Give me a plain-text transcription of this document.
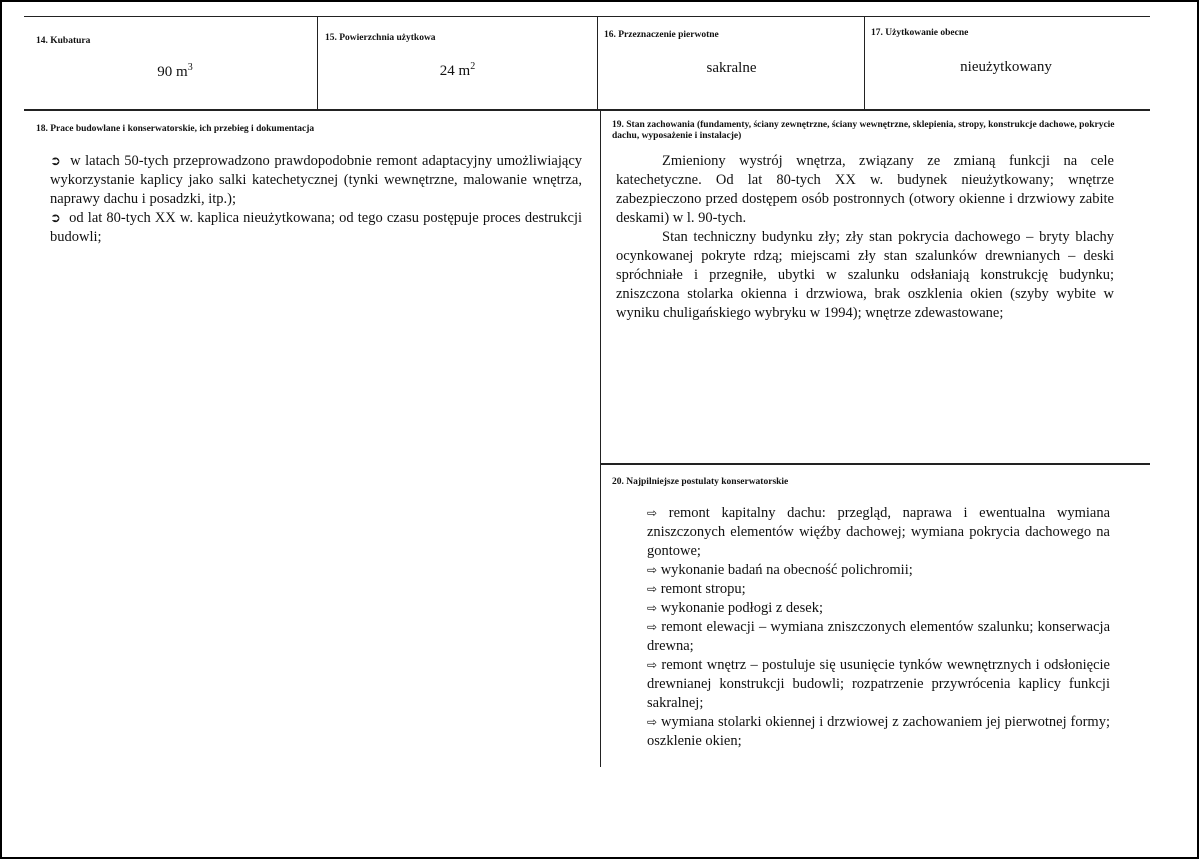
14. Kubatura
90 $m^3$
15. Powierzchnia użytkowa
24 $m^2$
16. Przeznaczenie pierwotne
sakralne
17. Użytkowanie obecne
nieużytkowany
18. Prace budowlane i konserwatorskie, ich przebieg i dokumentacja

➲ w latach 50-tych przeprowadzono prawdopodobnie remont adaptacyjny umożliwiający wykorzystanie kaplicy jako salki katechetycznej (tynki wewnętrzne, malowanie wnętrza, naprawy dachu i posadzki, itp.);

➲ od lat 80-tych XX w. kaplica nieużytkowana; od tego czasu postępuje proces destrukcji budowli;

19. Stan zachowania (fundamenty, ściany zewnętrzne, ściany wewnętrzne, sklepienia, stropy, konstrukcje dachowe, pokrycie dachu, wyposażenie i instalacje)

Zmieniony wystrój wnętrza, związany ze zmianą funkcji na cele katechetyczne. Od lat 80-tych XX w. budynek nieużytkowany; wnętrze zabezpieczono przed dostępem osób postronnych (otwory okienne i drzwiowy zabite deskami) w l. 90-tych.

Stan techniczny budynku zły; zły stan pokrycia dachowego – bryty blachy ocynkowanej pokryte rdzą; miejscami zły stan szalunków drewnianych – deski spróchniałe i przegniłe, ubytki w szalunku odsłaniają konstrukcję budynku; zniszczona stolarka okienna i drzwiowa, brak oszklenia okien (szyby wybite w wyniku chuligańskiego wybryku w 1994); wnętrze zdewastowane;

20. Najpilniejsze postulaty konserwatorskie

⇨ remont kapitalny dachu: przegląd, naprawa i ewentualna wymiana zniszczonych elementów więźby dachowej; wymiana pokrycia dachowego na gontowe;

⇨ wykonanie badań na obecność polichromii;

⇨ remont stropu;

⇨ wykonanie podłogi z desek;

⇨ remont elewacji – wymiana zniszczonych elementów szalunku; konserwacja drewna;

⇨ remont wnętrz – postuluje się usunięcie tynków wewnętrznych i odsłonięcie drewnianej konstrukcji budowli; rozpatrzenie przywrócenia kaplicy funkcji sakralnej;

⇨ wymiana stolarki okiennej i drzwiowej z zachowaniem jej pierwotnej formy; oszklenie okien;
